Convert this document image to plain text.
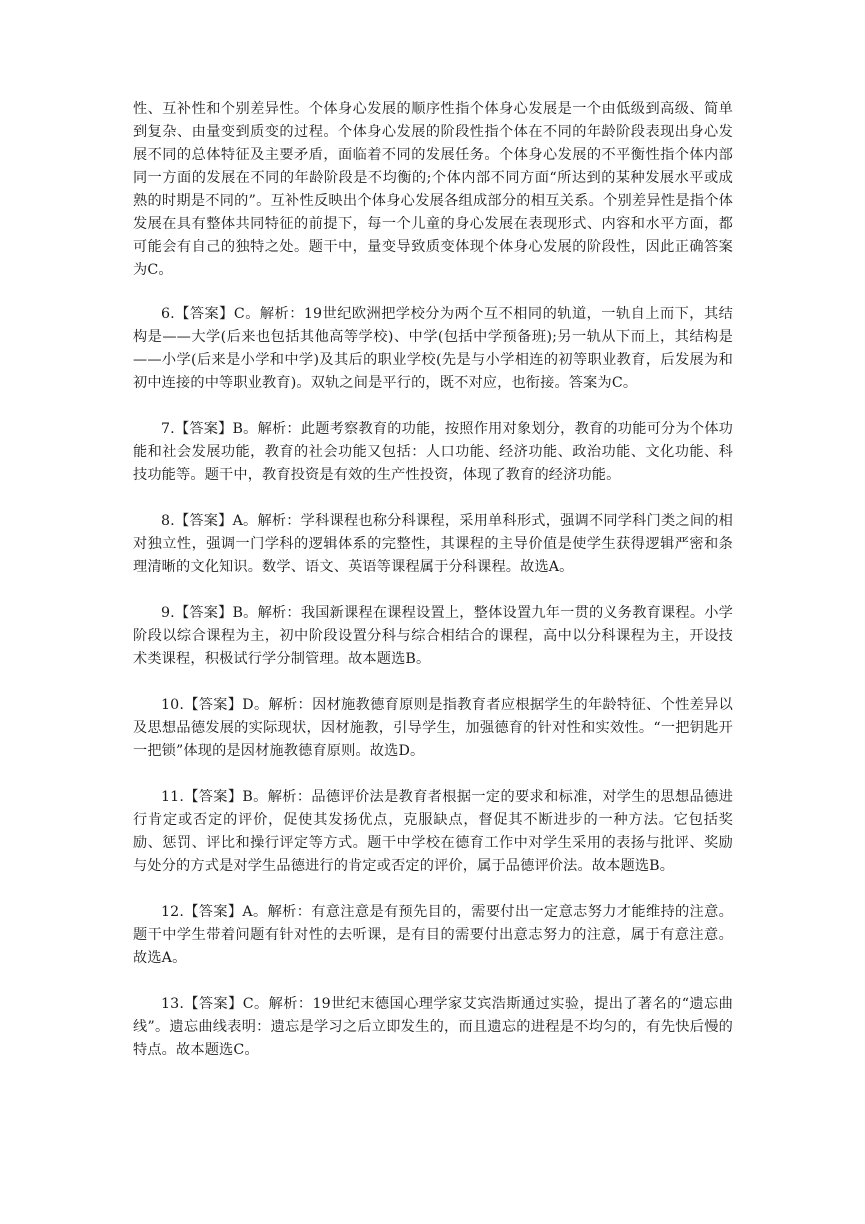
性、互补性和个别差异性。个体身心发展的顺序性指个体身心发展是一个由低级到高级、简单到复杂、由量变到质变的过程。个体身心发展的阶段性指个体在不同的年龄阶段表现出身心发展不同的总体特征及主要矛盾，面临着不同的发展任务。个体身心发展的不平衡性指个体内部同一方面的发展在不同的年龄阶段是不均衡的;个体内部不同方面“所达到的某种发展水平或成熟的时期是不同的”。互补性反映出个体身心发展各组成部分的相互关系。个别差异性是指个体发展在具有整体共同特征的前提下，每一个儿童的身心发展在表现形式、内容和水平方面，都可能会有自己的独特之处。题干中，量变导致质变体现个体身心发展的阶段性，因此正确答案为C。

6.【答案】C。解析：19世纪欧洲把学校分为两个互不相同的轨道，一轨自上而下，其结构是——大学(后来也包括其他高等学校)、中学(包括中学预备班);另一轨从下而上，其结构是——小学(后来是小学和中学)及其后的职业学校(先是与小学相连的初等职业教育，后发展为和初中连接的中等职业教育)。双轨之间是平行的，既不对应，也衔接。答案为C。

7.【答案】B。解析：此题考察教育的功能，按照作用对象划分，教育的功能可分为个体功能和社会发展功能，教育的社会功能又包括：人口功能、经济功能、政治功能、文化功能、科技功能等。题干中，教育投资是有效的生产性投资，体现了教育的经济功能。

8.【答案】A。解析：学科课程也称分科课程，采用单科形式，强调不同学科门类之间的相对独立性，强调一门学科的逻辑体系的完整性，其课程的主导价值是使学生获得逻辑严密和条理清晰的文化知识。数学、语文、英语等课程属于分科课程。故选A。

9.【答案】B。解析：我国新课程在课程设置上，整体设置九年一贯的义务教育课程。小学阶段以综合课程为主，初中阶段设置分科与综合相结合的课程，高中以分科课程为主，开设技术类课程，积极试行学分制管理。故本题选B。

10.【答案】D。解析：因材施教德育原则是指教育者应根据学生的年龄特征、个性差异以及思想品德发展的实际现状，因材施教，引导学生，加强德育的针对性和实效性。“一把钥匙开一把锁”体现的是因材施教德育原则。故选D。

11.【答案】B。解析：品德评价法是教育者根据一定的要求和标准，对学生的思想品德进行肯定或否定的评价，促使其发扬优点，克服缺点，督促其不断进步的一种方法。它包括奖励、惩罚、评比和操行评定等方式。题干中学校在德育工作中对学生采用的表扬与批评、奖励与处分的方式是对学生品德进行的肯定或否定的评价，属于品德评价法。故本题选B。

12.【答案】A。解析：有意注意是有预先目的，需要付出一定意志努力才能维持的注意。题干中学生带着问题有针对性的去听课，是有目的需要付出意志努力的注意，属于有意注意。故选A。

13.【答案】C。解析：19世纪末德国心理学家艾宾浩斯通过实验，提出了著名的“遗忘曲线”。遗忘曲线表明：遗忘是学习之后立即发生的，而且遗忘的进程是不均匀的，有先快后慢的特点。故本题选C。
